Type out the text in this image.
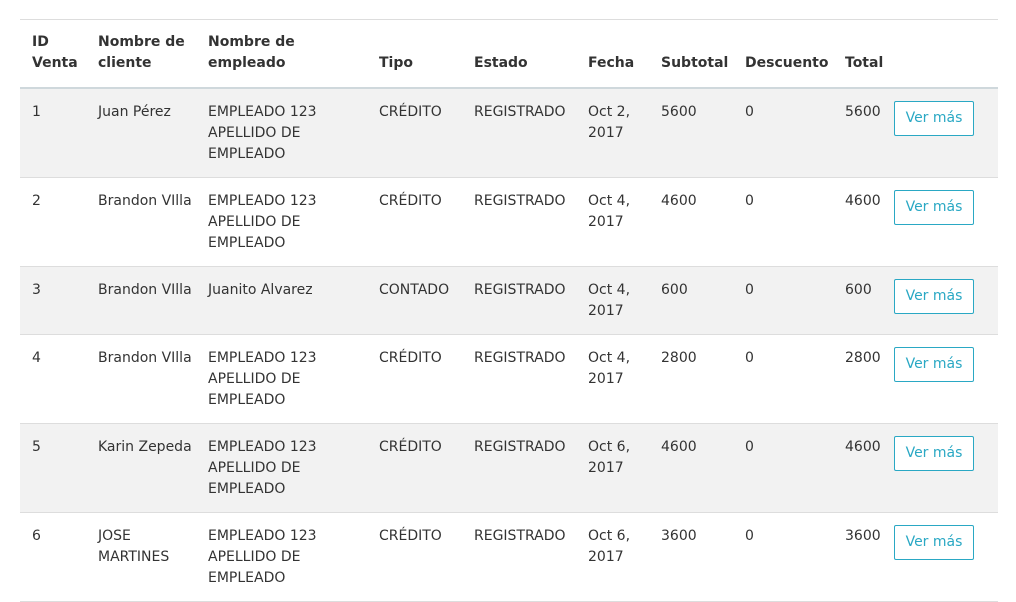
ID Venta	Nombre de cliente	Nombre de empleado	Tipo	Estado	Fecha	Subtotal	Descuento	Total	
1	Juan Pérez	EMPLEADO 123 APELLIDO DE EMPLEADO	CRÉDITO	REGISTRADO	Oct 2, 2017	5600	0	5600	Ver más
2	Brandon VIlla	EMPLEADO 123 APELLIDO DE EMPLEADO	CRÉDITO	REGISTRADO	Oct 4, 2017	4600	0	4600	Ver más
3	Brandon VIlla	Juanito Alvarez	CONTADO	REGISTRADO	Oct 4, 2017	600	0	600	Ver más
4	Brandon VIlla	EMPLEADO 123 APELLIDO DE EMPLEADO	CRÉDITO	REGISTRADO	Oct 4, 2017	2800	0	2800	Ver más
5	Karin Zepeda	EMPLEADO 123 APELLIDO DE EMPLEADO	CRÉDITO	REGISTRADO	Oct 6, 2017	4600	0	4600	Ver más
6	JOSE MARTINES	EMPLEADO 123 APELLIDO DE EMPLEADO	CRÉDITO	REGISTRADO	Oct 6, 2017	3600	0	3600	Ver más
